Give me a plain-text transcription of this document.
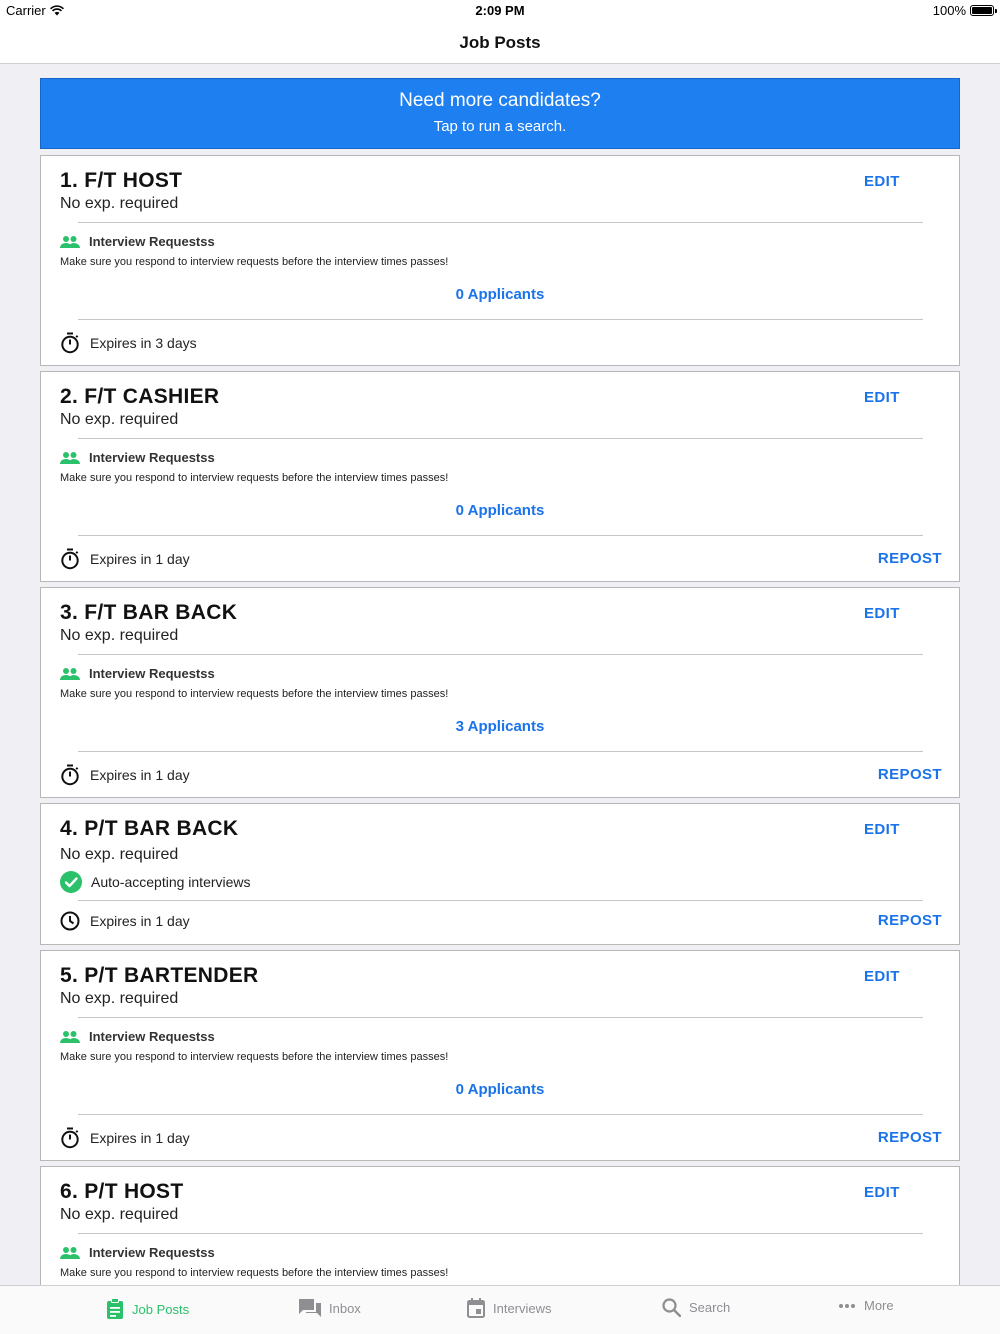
Carrier	2:09 PM	100%
Job Posts
Need more candidates?
Tap to run a search.
1. F/T HOST
No exp. required
EDIT
Interview Requestss
Make sure you respond to interview requests before the interview times passes!
0 Applicants
Expires in 3 days
2. F/T CASHIER
No exp. required
EDIT
Interview Requestss
Make sure you respond to interview requests before the interview times passes!
0 Applicants
Expires in 1 day	REPOST
3. F/T BAR BACK
No exp. required
EDIT
Interview Requestss
Make sure you respond to interview requests before the interview times passes!
3 Applicants
Expires in 1 day	REPOST
4. P/T BAR BACK
No exp. required
EDIT
Auto-accepting interviews
Expires in 1 day	REPOST
5. P/T BARTENDER
No exp. required
EDIT
Interview Requestss
Make sure you respond to interview requests before the interview times passes!
0 Applicants
Expires in 1 day	REPOST
6. P/T HOST
No exp. required
EDIT
Interview Requestss
Make sure you respond to interview requests before the interview times passes!
Job Posts	Inbox	Interviews	Search	More
